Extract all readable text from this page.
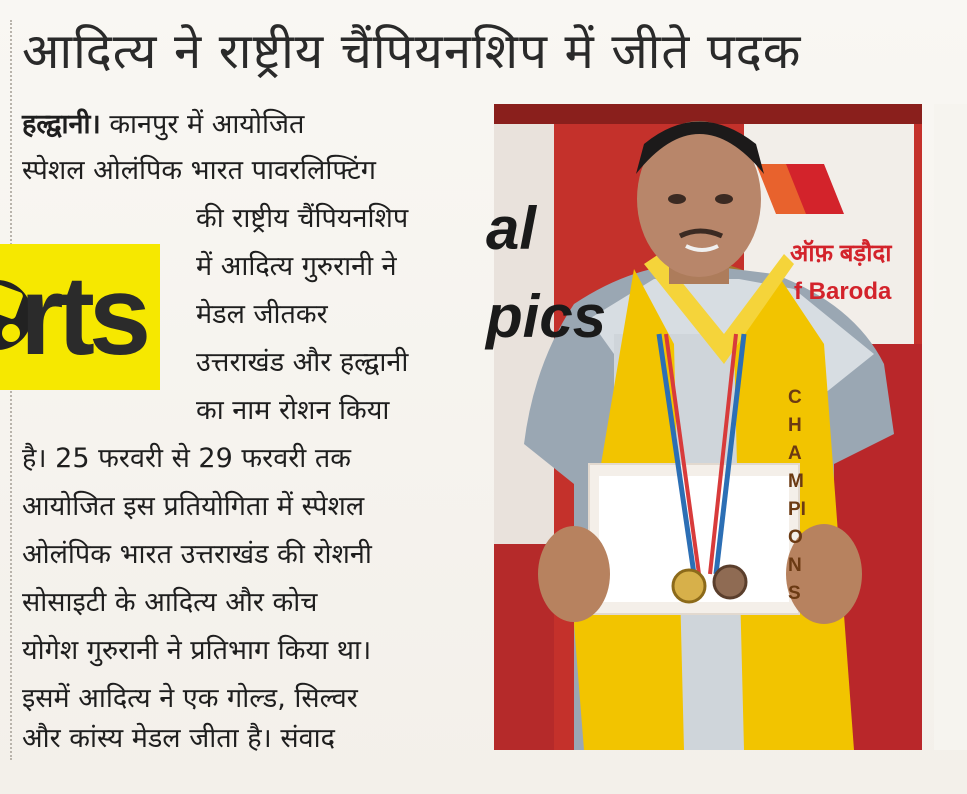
आदित्य ने राष्ट्रीय चैंपियनशिप में जीते पदक
हल्द्वानी। कानपुर में आयोजित
स्पेशल ओलंपिक भारत पावरलिफ्टिंग
की राष्ट्रीय चैंपियनशिप
में आदित्य गुरुरानी ने
मेडल जीतकर
उत्तराखंड और हल्द्वानी
का नाम रोशन किया
है। 25 फरवरी से 29 फरवरी तक
आयोजित इस प्रतियोगिता में स्पेशल
ओलंपिक भारत उत्तराखंड की रोशनी
सोसाइटी के आदित्य और कोच
योगेश गुरुरानी ने प्रतिभाग किया था।
इसमें आदित्य ने एक गोल्ड, सिल्वर
और कांस्य मेडल जीता है। संवाद
rts	ऑफ़ बड़ौदा
f Baroda
al
pics
CHAMPIONS
